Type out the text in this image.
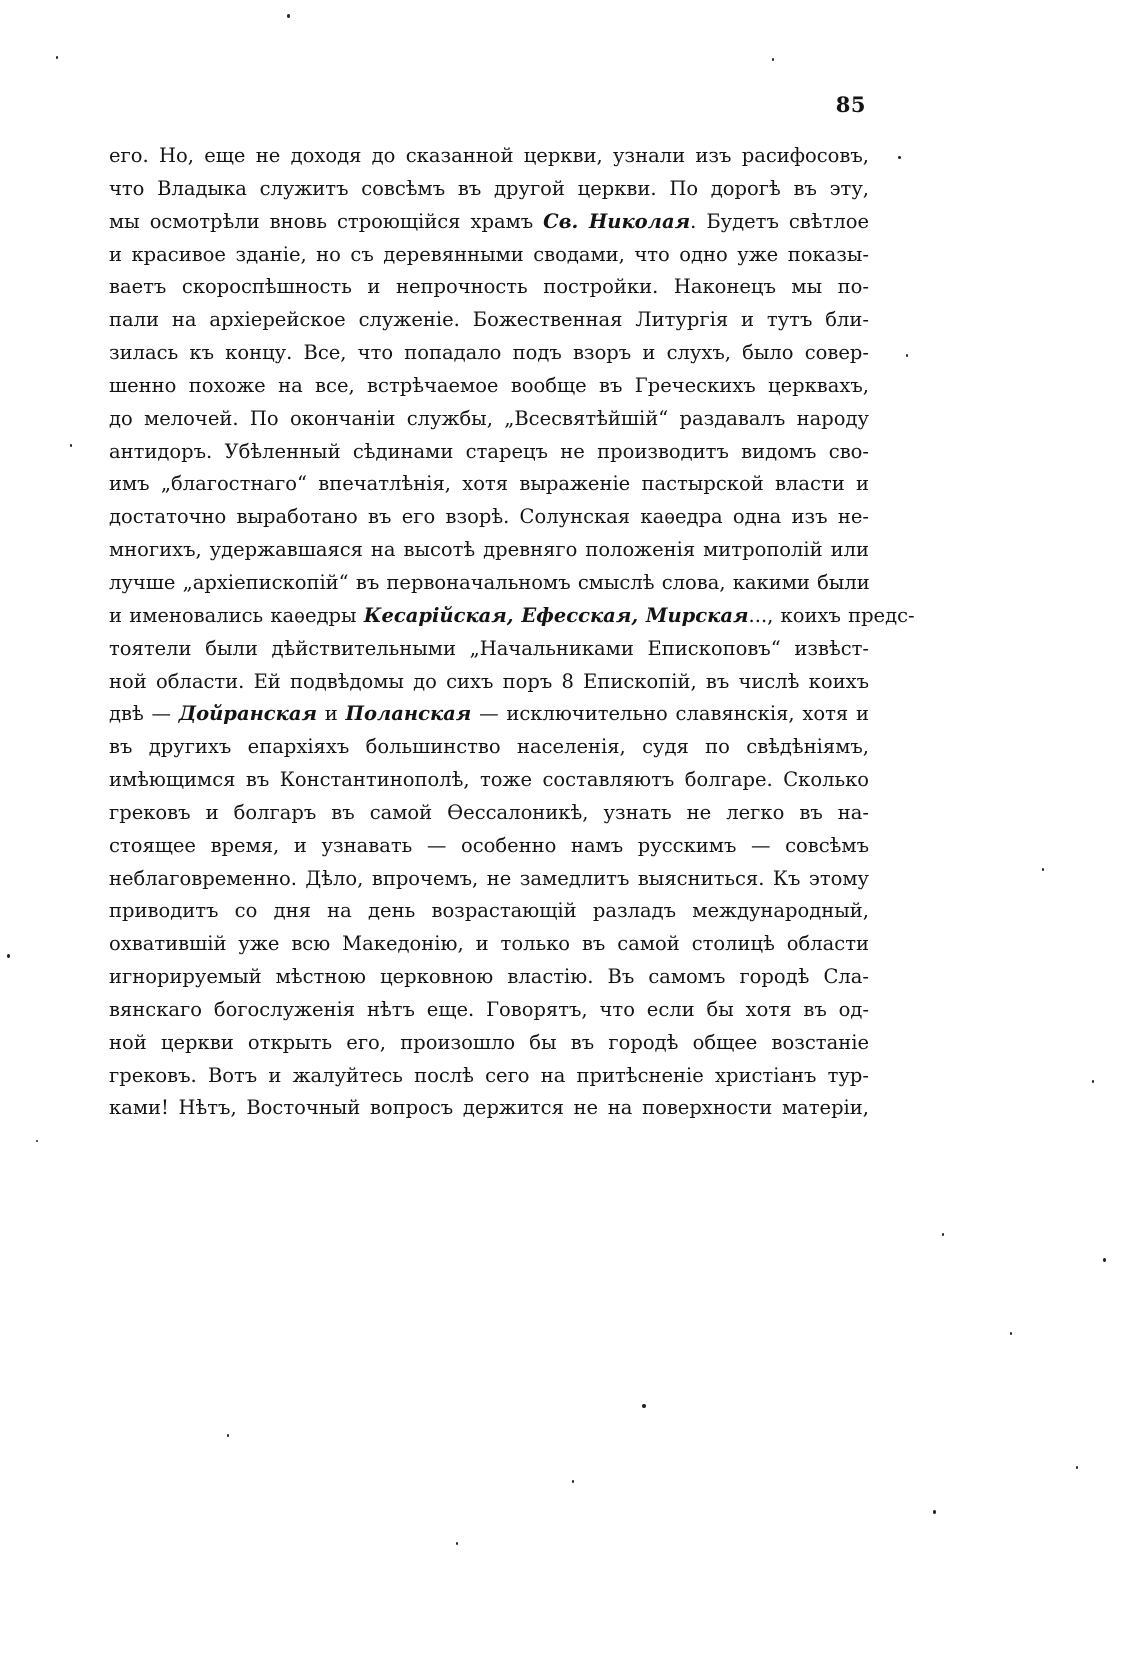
85
его. Но, еще не доходя до сказанной церкви, узнали изъ расифосовъ,
что Владыка служитъ совсѣмъ въ другой церкви. По дорогѣ въ эту,
мы осмотрѣли вновь строющійся храмъ Св. Николая. Будетъ свѣтлое
и красивое зданіе, но съ деревянными сводами, что одно уже показы-
ваетъ скороспѣшность и непрочность постройки. Наконецъ мы по-
пали на архіерейское служеніе. Божественная Литургія и тутъ бли-
зилась къ концу. Все, что попадало подъ взоръ и слухъ, было совер-
шенно похоже на все, встрѣчаемое вообще въ Греческихъ церквахъ,
до мелочей. По окончаніи службы, „Всесвятѣйшій“ раздавалъ народу
антидоръ. Убѣленный сѣдинами старецъ не производитъ видомъ сво-
имъ „благостнаго“ впечатлѣнія, хотя выраженіе пастырской власти и
достаточно выработано въ его взорѣ. Солунская каѳедра одна изъ не-
многихъ, удержавшаяся на высотѣ древняго положенія митрополій или
лучше „архіепископій“ въ первоначальномъ смыслѣ слова, какими были
и именовались каѳедры Кесарійская, Ефесская, Мирская..., коихъ предс-
тоятели были дѣйствительными „Начальниками Епископовъ“ извѣст-
ной области. Ей подвѣдомы до сихъ поръ 8 Епископій, въ числѣ коихъ
двѣ — Дойранская и Поланская — исключительно славянскія, хотя и
въ другихъ епархіяхъ большинство населенія, судя по свѣдѣніямъ,
имѣющимся въ Константинополѣ, тоже составляютъ болгаре. Сколько
грековъ и болгаръ въ самой Ѳессалоникѣ, узнать не легко въ на-
стоящее время, и узнавать — особенно намъ русскимъ — совсѣмъ
неблаговременно. Дѣло, впрочемъ, не замедлитъ выясниться. Къ этому
приводитъ со дня на день возрастающій разладъ международный,
охватившій уже всю Македонію, и только въ самой столицѣ области
игнорируемый мѣстною церковною властію. Въ самомъ городѣ Сла-
вянскаго богослуженія нѣтъ еще. Говорятъ, что если бы хотя въ од-
ной церкви открыть его, произошло бы въ городѣ общее возстаніе
грековъ. Вотъ и жалуйтесь послѣ сего на притѣсненіе христіанъ тур-
ками! Нѣтъ, Восточный вопросъ держится не на поверхности матеріи,
